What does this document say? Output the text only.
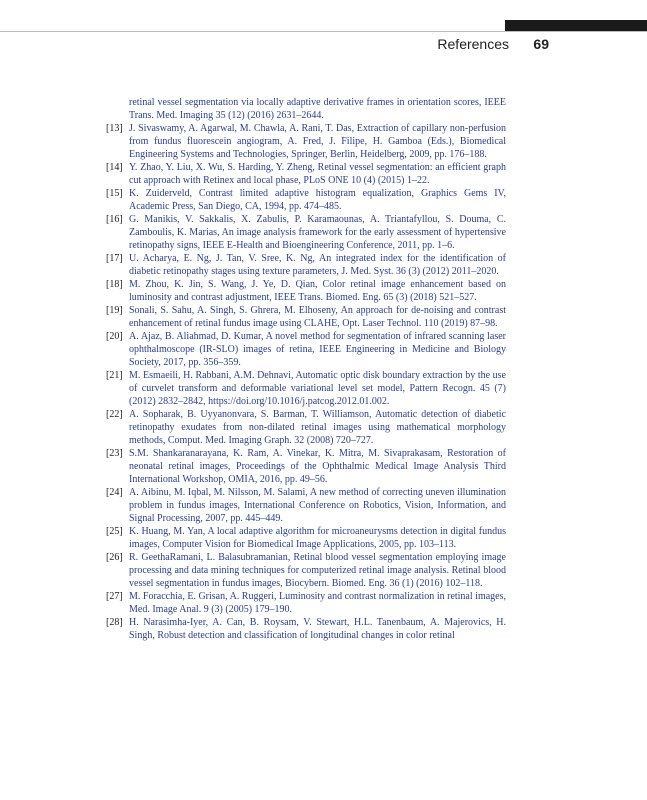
References 69

retinal vessel segmentation via locally adaptive derivative frames in orientation scores, IEEE Trans. Med. Imaging 35 (12) (2016) 2631–2644.

[13] J. Sivaswamy, A. Agarwal, M. Chawla, A. Rani, T. Das, Extraction of capillary non-perfusion from fundus fluorescein angiogram, A. Fred, J. Filipe, H. Gamboa (Eds.), Biomedical Engineering Systems and Technologies, Springer, Berlin, Heidelberg, 2009, pp. 176–188.

[14] Y. Zhao, Y. Liu, X. Wu, S. Harding, Y. Zheng, Retinal vessel segmentation: an efficient graph cut approach with Retinex and local phase, PLoS ONE 10 (4) (2015) 1–22.

[15] K. Zuiderveld, Contrast limited adaptive histogram equalization, Graphics Gems IV, Academic Press, San Diego, CA, 1994, pp. 474–485.

[16] G. Manikis, V. Sakkalis, X. Zabulis, P. Karamaounas, A. Triantafyllou, S. Douma, C. Zamboulis, K. Marias, An image analysis framework for the early assessment of hypertensive retinopathy signs, IEEE E-Health and Bioengineering Conference, 2011, pp. 1–6.

[17] U. Acharya, E. Ng, J. Tan, V. Sree, K. Ng, An integrated index for the identification of diabetic retinopathy stages using texture parameters, J. Med. Syst. 36 (3) (2012) 2011–2020.

[18] M. Zhou, K. Jin, S. Wang, J. Ye, D. Qian, Color retinal image enhancement based on luminosity and contrast adjustment, IEEE Trans. Biomed. Eng. 65 (3) (2018) 521–527.

[19] Sonali, S. Sahu, A. Singh, S. Ghrera, M. Elhoseny, An approach for de-noising and contrast enhancement of retinal fundus image using CLAHE, Opt. Laser Technol. 110 (2019) 87–98.

[20] A. Ajaz, B. Aliahmad, D. Kumar, A novel method for segmentation of infrared scanning laser ophthalmoscope (IR-SLO) images of retina, IEEE Engineering in Medicine and Biology Society, 2017, pp. 356–359.

[21] M. Esmaeili, H. Rabbani, A.M. Dehnavi, Automatic optic disk boundary extraction by the use of curvelet transform and deformable variational level set model, Pattern Recogn. 45 (7) (2012) 2832–2842, https://doi.org/10.1016/j.patcog.2012.01.002.

[22] A. Sopharak, B. Uyyanonvara, S. Barman, T. Williamson, Automatic detection of diabetic retinopathy exudates from non-dilated retinal images using mathematical morphology methods, Comput. Med. Imaging Graph. 32 (2008) 720–727.

[23] S.M. Shankaranarayana, K. Ram, A. Vinekar, K. Mitra, M. Sivaprakasam, Restoration of neonatal retinal images, Proceedings of the Ophthalmic Medical Image Analysis Third International Workshop, OMIA, 2016, pp. 49–56.

[24] A. Aibinu, M. Iqbal, M. Nilsson, M. Salami, A new method of correcting uneven illumination problem in fundus images, International Conference on Robotics, Vision, Information, and Signal Processing, 2007, pp. 445–449.

[25] K. Huang, M. Yan, A local adaptive algorithm for microaneurysms detection in digital fundus images, Computer Vision for Biomedical Image Applications, 2005, pp. 103–113.

[26] R. GeethaRamani, L. Balasubramanian, Retinal blood vessel segmentation employing image processing and data mining techniques for computerized retinal image analysis. Retinal blood vessel segmentation in fundus images, Biocybern. Biomed. Eng. 36 (1) (2016) 102–118.

[27] M. Foracchia, E. Grisan, A. Ruggeri, Luminosity and contrast normalization in retinal images, Med. Image Anal. 9 (3) (2005) 179–190.

[28] H. Narasimha-Iyer, A. Can, B. Roysam, V. Stewart, H.L. Tanenbaum, A. Majerovics, H. Singh, Robust detection and classification of longitudinal changes in color retinal
